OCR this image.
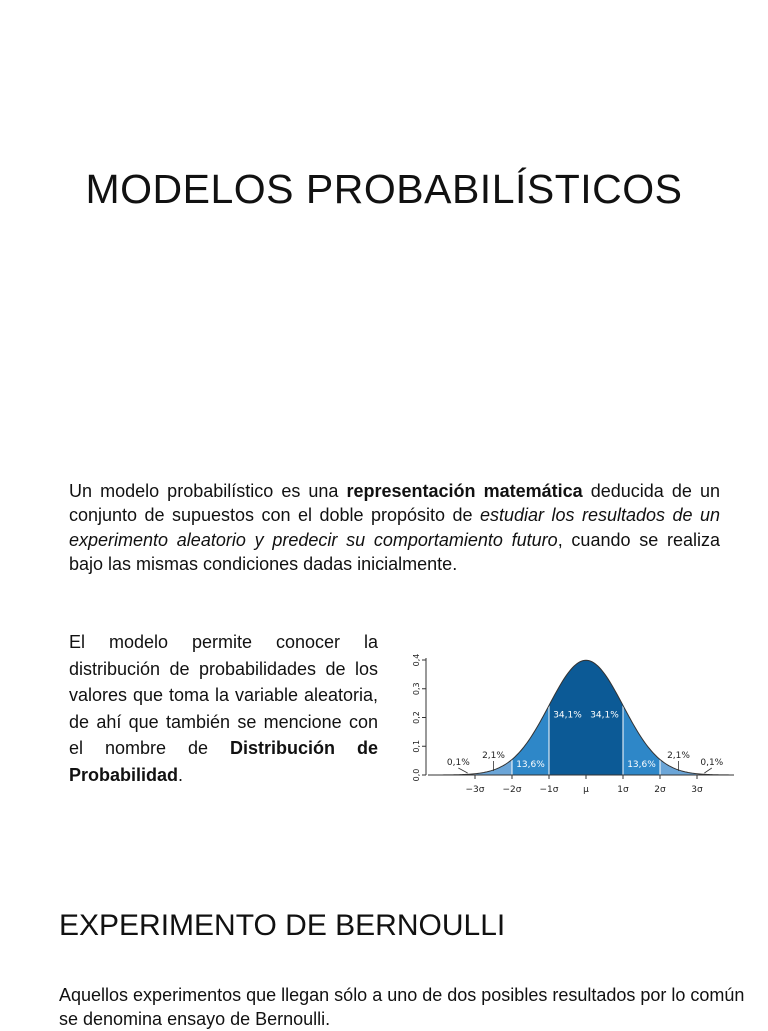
MODELOS PROBABILÍSTICOS
Un modelo probabilístico es una representación matemática deducida de un conjunto de supuestos con el doble propósito de estudiar los resultados de un experimento aleatorio y predecir su comportamiento futuro, cuando se realiza bajo las mismas condiciones dadas inicialmente.
El modelo permite conocer la distribución de probabilidades de los valores que toma la variable aleatoria, de ahí que también se mencione con el nombre de Distribución de Probabilidad.
−3σ −2σ −1σ	μ	1σ	2σ	3σ
0,0
0,1
0,2
0,3
0,4
0,1%
2,1%
13,6%
34,1% 34,1%
13,6%
2,1%
0,1%
EXPERIMENTO DE BERNOULLI
Aquellos experimentos que llegan sólo a uno de dos posibles resultados por lo común se denomina ensayo de Bernoulli.
